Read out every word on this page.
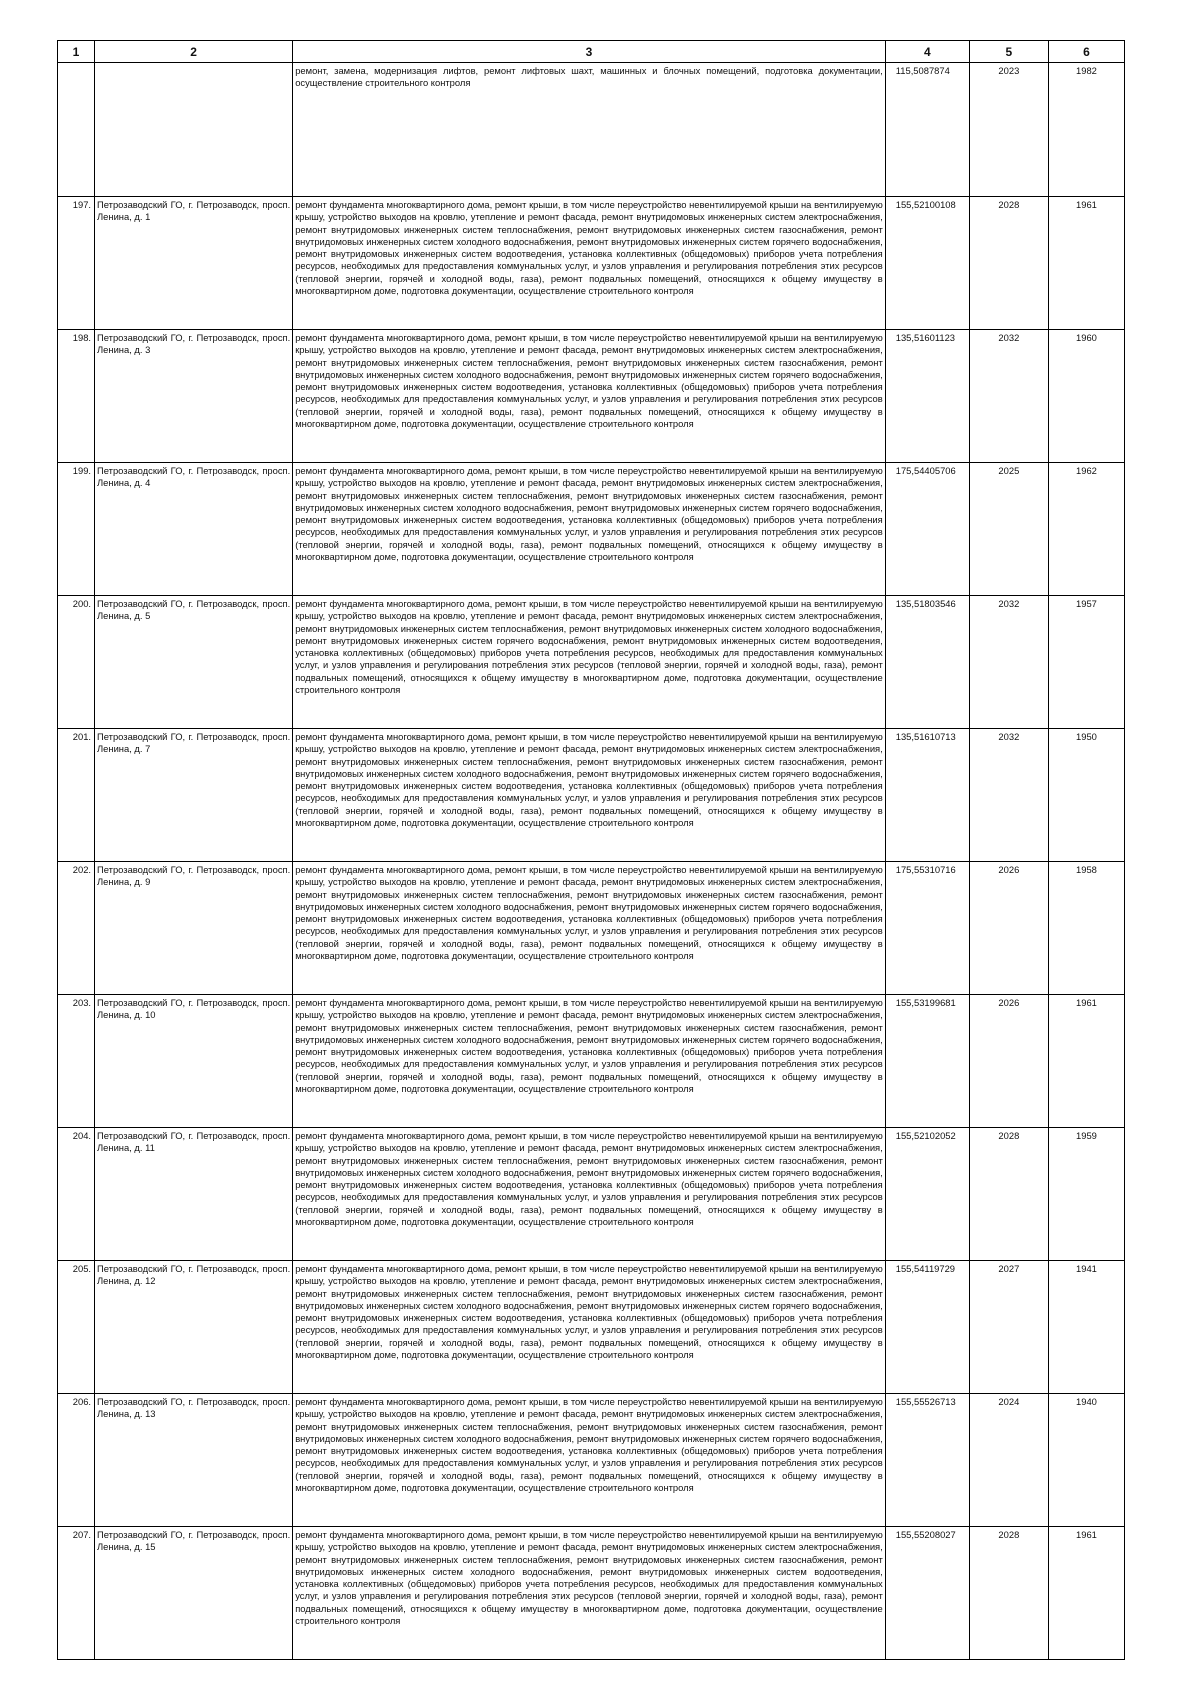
1	2	3	4	5	6
		ремонт, замена, модернизация лифтов, ремонт лифтовых шахт, машинных и блочных помещений, подготовка документации, осуществление строительного контроля	115,5087874	2023	1982
197.	Петрозаводский ГО, г. Петрозаводск, просп. Ленина, д. 1	ремонт фундамента многоквартирного дома, ремонт крыши, в том числе переустройство невентилируемой крыши на вентилируемую крышу, устройство выходов на кровлю, утепление и ремонт фасада, ремонт внутридомовых инженерных систем электроснабжения, ремонт внутридомовых инженерных систем теплоснабжения, ремонт внутридомовых инженерных систем газоснабжения, ремонт внутридомовых инженерных систем холодного водоснабжения, ремонт внутридомовых инженерных систем горячего водоснабжения, ремонт внутридомовых инженерных систем водоотведения, установка коллективных (общедомовых) приборов учета потребления ресурсов, необходимых для предоставления коммунальных услуг, и узлов управления и регулирования потребления этих ресурсов (тепловой энергии, горячей и холодной воды, газа), ремонт подвальных помещений, относящихся к общему имуществу в многоквартирном доме, подготовка документации, осуществление строительного контроля	155,52100108	2028	1961
198.	Петрозаводский ГО, г. Петрозаводск, просп. Ленина, д. 3	ремонт фундамента многоквартирного дома, ремонт крыши, в том числе переустройство невентилируемой крыши на вентилируемую крышу, устройство выходов на кровлю, утепление и ремонт фасада, ремонт внутридомовых инженерных систем электроснабжения, ремонт внутридомовых инженерных систем теплоснабжения, ремонт внутридомовых инженерных систем газоснабжения, ремонт внутридомовых инженерных систем холодного водоснабжения, ремонт внутридомовых инженерных систем горячего водоснабжения, ремонт внутридомовых инженерных систем водоотведения, установка коллективных (общедомовых) приборов учета потребления ресурсов, необходимых для предоставления коммунальных услуг, и узлов управления и регулирования потребления этих ресурсов (тепловой энергии, горячей и холодной воды, газа), ремонт подвальных помещений, относящихся к общему имуществу в многоквартирном доме, подготовка документации, осуществление строительного контроля	135,51601123	2032	1960
199.	Петрозаводский ГО, г. Петрозаводск, просп. Ленина, д. 4	ремонт фундамента многоквартирного дома, ремонт крыши, в том числе переустройство невентилируемой крыши на вентилируемую крышу, устройство выходов на кровлю, утепление и ремонт фасада, ремонт внутридомовых инженерных систем электроснабжения, ремонт внутридомовых инженерных систем теплоснабжения, ремонт внутридомовых инженерных систем газоснабжения, ремонт внутридомовых инженерных систем холодного водоснабжения, ремонт внутридомовых инженерных систем горячего водоснабжения, ремонт внутридомовых инженерных систем водоотведения, установка коллективных (общедомовых) приборов учета потребления ресурсов, необходимых для предоставления коммунальных услуг, и узлов управления и регулирования потребления этих ресурсов (тепловой энергии, горячей и холодной воды, газа), ремонт подвальных помещений, относящихся к общему имуществу в многоквартирном доме, подготовка документации, осуществление строительного контроля	175,54405706	2025	1962
200.	Петрозаводский ГО, г. Петрозаводск, просп. Ленина, д. 5	ремонт фундамента многоквартирного дома, ремонт крыши, в том числе переустройство невентилируемой крыши на вентилируемую крышу, устройство выходов на кровлю, утепление и ремонт фасада, ремонт внутридомовых инженерных систем электроснабжения, ремонт внутридомовых инженерных систем теплоснабжения, ремонт внутридомовых инженерных систем холодного водоснабжения, ремонт внутридомовых инженерных систем горячего водоснабжения, ремонт внутридомовых инженерных систем водоотведения, установка коллективных (общедомовых) приборов учета потребления ресурсов, необходимых для предоставления коммунальных услуг, и узлов управления и регулирования потребления этих ресурсов (тепловой энергии, горячей и холодной воды, газа), ремонт подвальных помещений, относящихся к общему имуществу в многоквартирном доме, подготовка документации, осуществление строительного контроля	135,51803546	2032	1957
201.	Петрозаводский ГО, г. Петрозаводск, просп. Ленина, д. 7	ремонт фундамента многоквартирного дома, ремонт крыши, в том числе переустройство невентилируемой крыши на вентилируемую крышу, устройство выходов на кровлю, утепление и ремонт фасада, ремонт внутридомовых инженерных систем электроснабжения, ремонт внутридомовых инженерных систем теплоснабжения, ремонт внутридомовых инженерных систем газоснабжения, ремонт внутридомовых инженерных систем холодного водоснабжения, ремонт внутридомовых инженерных систем горячего водоснабжения, ремонт внутридомовых инженерных систем водоотведения, установка коллективных (общедомовых) приборов учета потребления ресурсов, необходимых для предоставления коммунальных услуг, и узлов управления и регулирования потребления этих ресурсов (тепловой энергии, горячей и холодной воды, газа), ремонт подвальных помещений, относящихся к общему имуществу в многоквартирном доме, подготовка документации, осуществление строительного контроля	135,51610713	2032	1950
202.	Петрозаводский ГО, г. Петрозаводск, просп. Ленина, д. 9	ремонт фундамента многоквартирного дома, ремонт крыши, в том числе переустройство невентилируемой крыши на вентилируемую крышу, устройство выходов на кровлю, утепление и ремонт фасада, ремонт внутридомовых инженерных систем электроснабжения, ремонт внутридомовых инженерных систем теплоснабжения, ремонт внутридомовых инженерных систем газоснабжения, ремонт внутридомовых инженерных систем холодного водоснабжения, ремонт внутридомовых инженерных систем горячего водоснабжения, ремонт внутридомовых инженерных систем водоотведения, установка коллективных (общедомовых) приборов учета потребления ресурсов, необходимых для предоставления коммунальных услуг, и узлов управления и регулирования потребления этих ресурсов (тепловой энергии, горячей и холодной воды, газа), ремонт подвальных помещений, относящихся к общему имуществу в многоквартирном доме, подготовка документации, осуществление строительного контроля	175,55310716	2026	1958
203.	Петрозаводский ГО, г. Петрозаводск, просп. Ленина, д. 10	ремонт фундамента многоквартирного дома, ремонт крыши, в том числе переустройство невентилируемой крыши на вентилируемую крышу, устройство выходов на кровлю, утепление и ремонт фасада, ремонт внутридомовых инженерных систем электроснабжения, ремонт внутридомовых инженерных систем теплоснабжения, ремонт внутридомовых инженерных систем газоснабжения, ремонт внутридомовых инженерных систем холодного водоснабжения, ремонт внутридомовых инженерных систем горячего водоснабжения, ремонт внутридомовых инженерных систем водоотведения, установка коллективных (общедомовых) приборов учета потребления ресурсов, необходимых для предоставления коммунальных услуг, и узлов управления и регулирования потребления этих ресурсов (тепловой энергии, горячей и холодной воды, газа), ремонт подвальных помещений, относящихся к общему имуществу в многоквартирном доме, подготовка документации, осуществление строительного контроля	155,53199681	2026	1961
204.	Петрозаводский ГО, г. Петрозаводск, просп. Ленина, д. 11	ремонт фундамента многоквартирного дома, ремонт крыши, в том числе переустройство невентилируемой крыши на вентилируемую крышу, устройство выходов на кровлю, утепление и ремонт фасада, ремонт внутридомовых инженерных систем электроснабжения, ремонт внутридомовых инженерных систем теплоснабжения, ремонт внутридомовых инженерных систем газоснабжения, ремонт внутридомовых инженерных систем холодного водоснабжения, ремонт внутридомовых инженерных систем горячего водоснабжения, ремонт внутридомовых инженерных систем водоотведения, установка коллективных (общедомовых) приборов учета потребления ресурсов, необходимых для предоставления коммунальных услуг, и узлов управления и регулирования потребления этих ресурсов (тепловой энергии, горячей и холодной воды, газа), ремонт подвальных помещений, относящихся к общему имуществу в многоквартирном доме, подготовка документации, осуществление строительного контроля	155,52102052	2028	1959
205.	Петрозаводский ГО, г. Петрозаводск, просп. Ленина, д. 12	ремонт фундамента многоквартирного дома, ремонт крыши, в том числе переустройство невентилируемой крыши на вентилируемую крышу, устройство выходов на кровлю, утепление и ремонт фасада, ремонт внутридомовых инженерных систем электроснабжения, ремонт внутридомовых инженерных систем теплоснабжения, ремонт внутридомовых инженерных систем газоснабжения, ремонт внутридомовых инженерных систем холодного водоснабжения, ремонт внутридомовых инженерных систем горячего водоснабжения, ремонт внутридомовых инженерных систем водоотведения, установка коллективных (общедомовых) приборов учета потребления ресурсов, необходимых для предоставления коммунальных услуг, и узлов управления и регулирования потребления этих ресурсов (тепловой энергии, горячей и холодной воды, газа), ремонт подвальных помещений, относящихся к общему имуществу в многоквартирном доме, подготовка документации, осуществление строительного контроля	155,54119729	2027	1941
206.	Петрозаводский ГО, г. Петрозаводск, просп. Ленина, д. 13	ремонт фундамента многоквартирного дома, ремонт крыши, в том числе переустройство невентилируемой крыши на вентилируемую крышу, устройство выходов на кровлю, утепление и ремонт фасада, ремонт внутридомовых инженерных систем электроснабжения, ремонт внутридомовых инженерных систем теплоснабжения, ремонт внутридомовых инженерных систем газоснабжения, ремонт внутридомовых инженерных систем холодного водоснабжения, ремонт внутридомовых инженерных систем горячего водоснабжения, ремонт внутридомовых инженерных систем водоотведения, установка коллективных (общедомовых) приборов учета потребления ресурсов, необходимых для предоставления коммунальных услуг, и узлов управления и регулирования потребления этих ресурсов (тепловой энергии, горячей и холодной воды, газа), ремонт подвальных помещений, относящихся к общему имуществу в многоквартирном доме, подготовка документации, осуществление строительного контроля	155,55526713	2024	1940
207.	Петрозаводский ГО, г. Петрозаводск, просп. Ленина, д. 15	ремонт фундамента многоквартирного дома, ремонт крыши, в том числе переустройство невентилируемой крыши на вентилируемую крышу, устройство выходов на кровлю, утепление и ремонт фасада, ремонт внутридомовых инженерных систем электроснабжения, ремонт внутридомовых инженерных систем теплоснабжения, ремонт внутридомовых инженерных систем газоснабжения, ремонт внутридомовых инженерных систем холодного водоснабжения, ремонт внутридомовых инженерных систем водоотведения, установка коллективных (общедомовых) приборов учета потребления ресурсов, необходимых для предоставления коммунальных услуг, и узлов управления и регулирования потребления этих ресурсов (тепловой энергии, горячей и холодной воды, газа), ремонт подвальных помещений, относящихся к общему имуществу в многоквартирном доме, подготовка документации, осуществление строительного контроля	155,55208027	2028	1961
